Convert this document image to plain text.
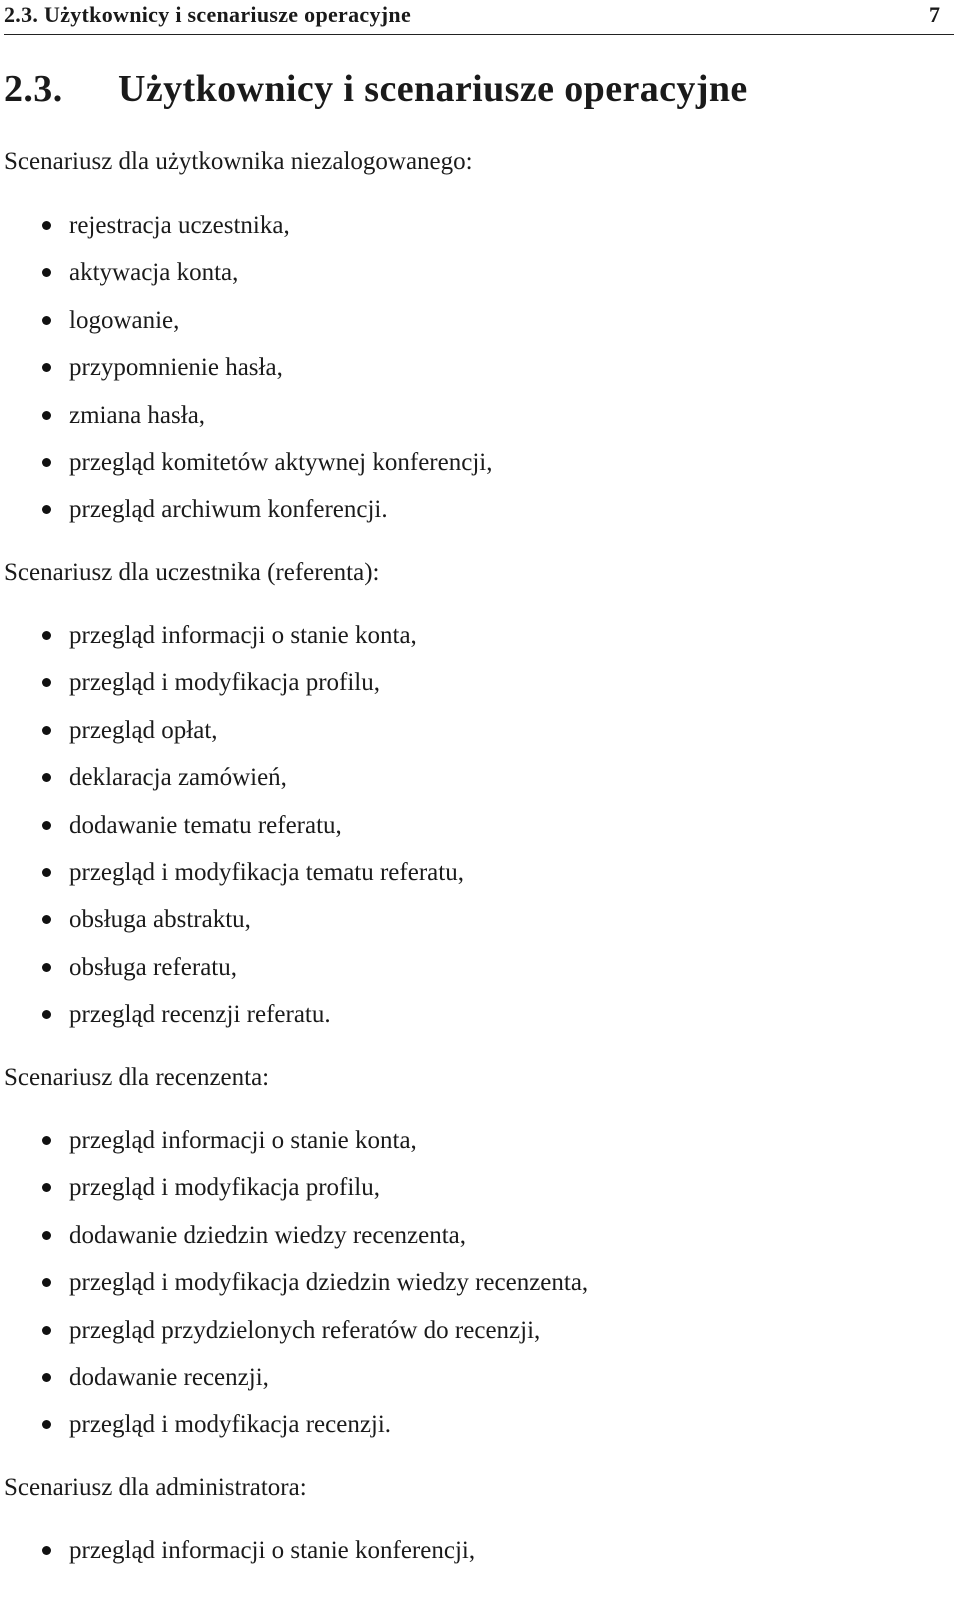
2.3. Użytkownicy i scenariusze operacyjne	7
2.3. Użytkownicy i scenariusze operacyjne

Scenariusz dla użytkownika niezalogowanego:

rejestracja uczestnika,
aktywacja konta,
logowanie,
przypomnienie hasła,
zmiana hasła,
przegląd komitetów aktywnej konferencji,
przegląd archiwum konferencji.

Scenariusz dla uczestnika (referenta):

przegląd informacji o stanie konta,
przegląd i modyfikacja profilu,
przegląd opłat,
deklaracja zamówień,
dodawanie tematu referatu,
przegląd i modyfikacja tematu referatu,
obsługa abstraktu,
obsługa referatu,
przegląd recenzji referatu.

Scenariusz dla recenzenta:

przegląd informacji o stanie konta,
przegląd i modyfikacja profilu,
dodawanie dziedzin wiedzy recenzenta,
przegląd i modyfikacja dziedzin wiedzy recenzenta,
przegląd przydzielonych referatów do recenzji,
dodawanie recenzji,
przegląd i modyfikacja recenzji.

Scenariusz dla administratora:

przegląd informacji o stanie konferencji,
